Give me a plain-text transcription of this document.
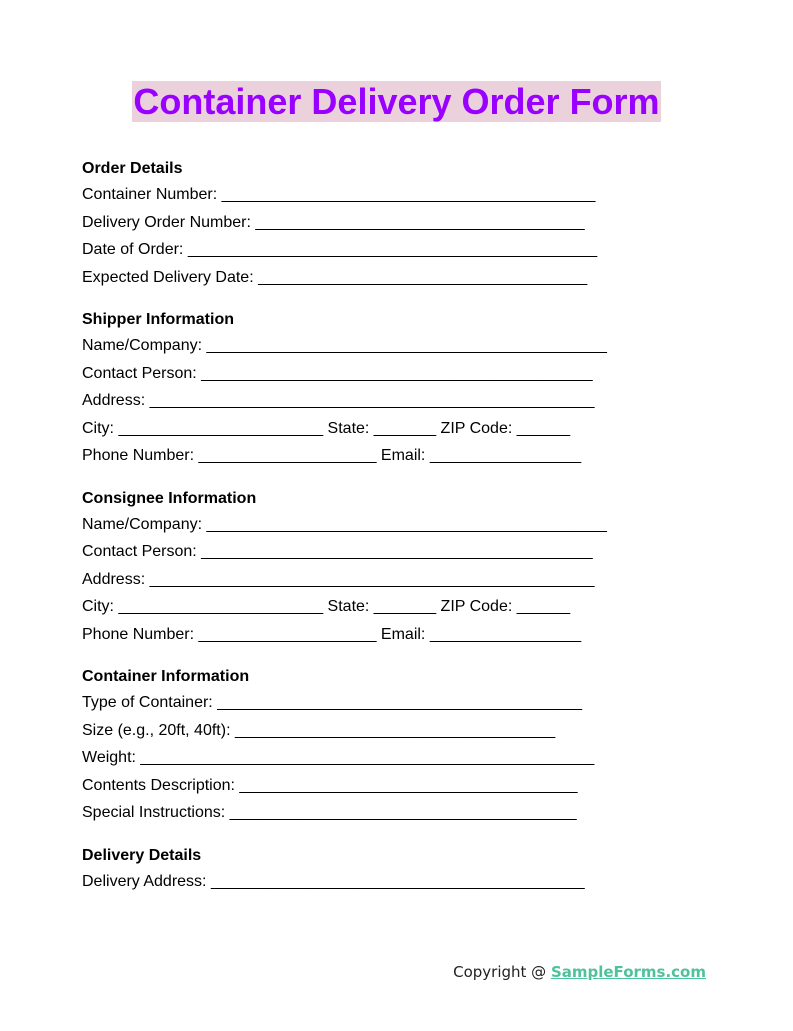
Container Delivery Order Form
Order Details
Container Number: __________________________________________
Delivery Order Number: _____________________________________
Date of Order: ______________________________________________
Expected Delivery Date: _____________________________________
Shipper Information
Name/Company: _____________________________________________
Contact Person: ____________________________________________
Address: __________________________________________________
City: _______________________ State: _______ ZIP Code: ______
Phone Number: ____________________ Email: _________________
Consignee Information
Name/Company: _____________________________________________
Contact Person: ____________________________________________
Address: __________________________________________________
City: _______________________ State: _______ ZIP Code: ______
Phone Number: ____________________ Email: _________________
Container Information
Type of Container: _________________________________________
Size (e.g., 20ft, 40ft): ____________________________________
Weight: ___________________________________________________
Contents Description: ______________________________________
Special Instructions: _______________________________________
Delivery Details
Delivery Address: __________________________________________
Copyright @ SampleForms.com
